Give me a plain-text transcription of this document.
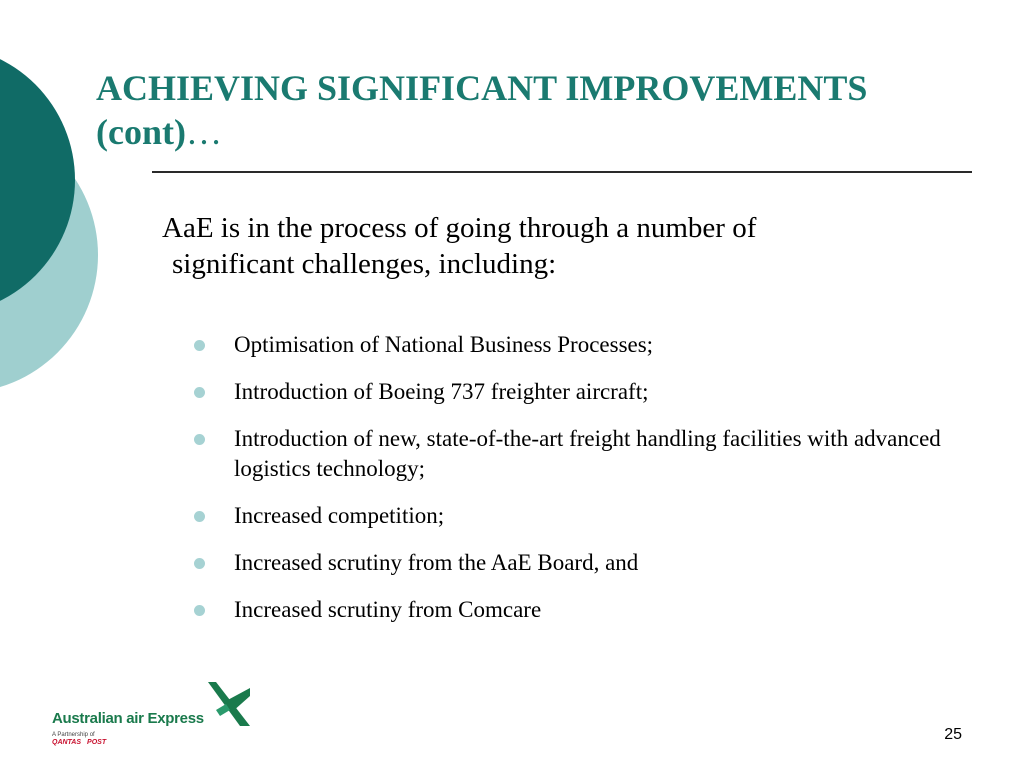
ACHIEVING SIGNIFICANT IMPROVEMENTS
(cont)…
AaE is in the process of going through a number of
significant challenges, including:
Optimisation of National Business Processes;
Introduction of Boeing 737 freighter aircraft;
Introduction of new, state-of-the-art freight handling facilities with advanced logistics technology;
Increased competition;
Increased scrutiny from the AaE Board, and
Increased scrutiny from Comcare
Australian air Express
A Partnership of
QANTAS POST	25
